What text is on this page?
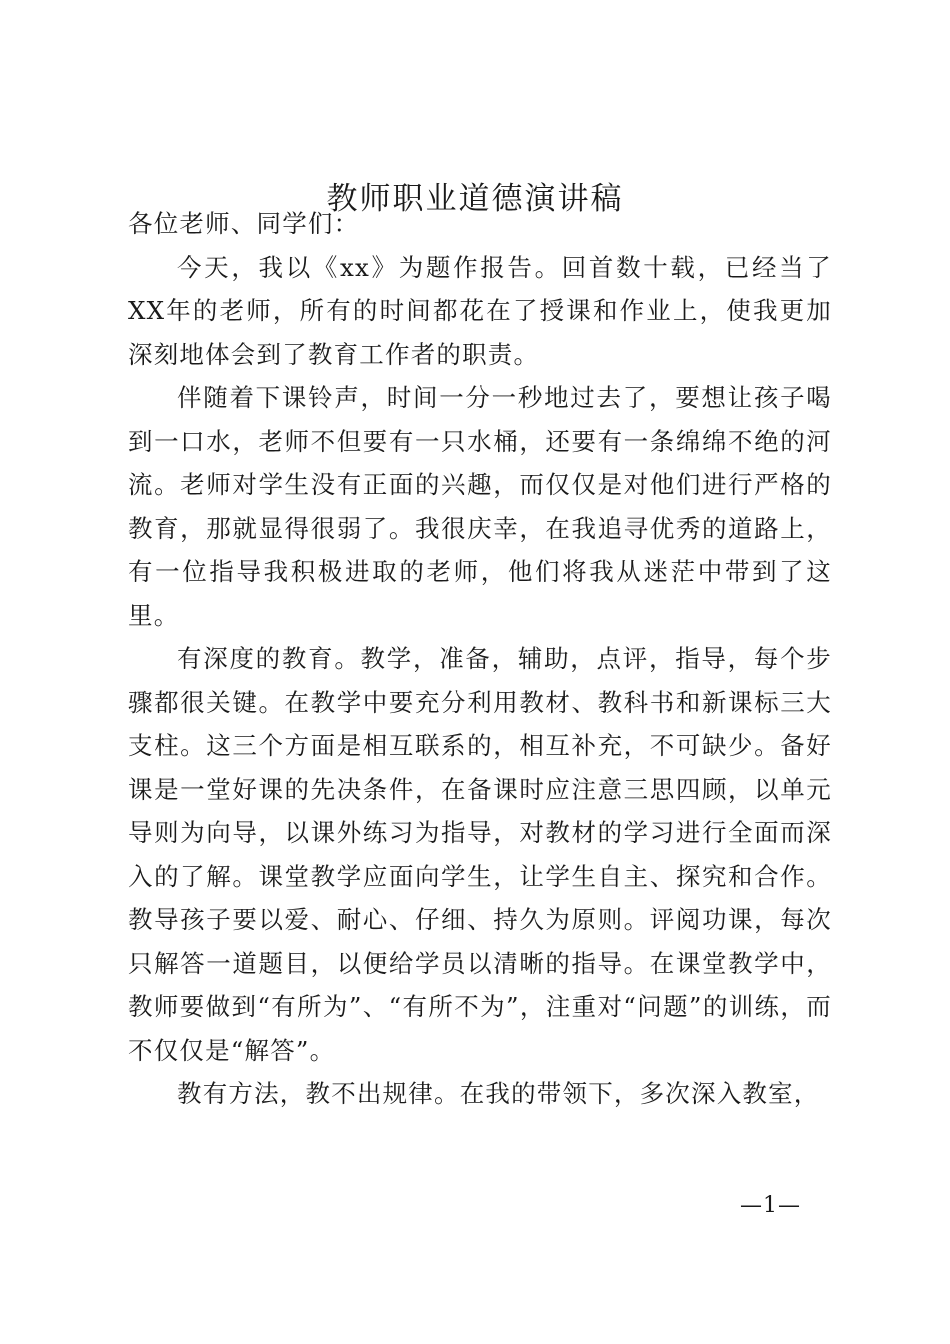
教师职业道德演讲稿

各位老师、同学们：

今天，我以《xx》为题作报告。回首数十载，已经当了XX年的老师，所有的时间都花在了授课和作业上，使我更加深刻地体会到了教育工作者的职责。

伴随着下课铃声，时间一分一秒地过去了，要想让孩子喝到一口水，老师不但要有一只水桶，还要有一条绵绵不绝的河流。老师对学生没有正面的兴趣，而仅仅是对他们进行严格的教育，那就显得很弱了。我很庆幸，在我追寻优秀的道路上，有一位指导我积极进取的老师，他们将我从迷茫中带到了这里。

有深度的教育。教学，准备，辅助，点评，指导，每个步骤都很关键。在教学中要充分利用教材、教科书和新课标三大支柱。这三个方面是相互联系的，相互补充，不可缺少。备好课是一堂好课的先决条件，在备课时应注意三思四顾，以单元导则为向导，以课外练习为指导，对教材的学习进行全面而深入的了解。课堂教学应面向学生，让学生自主、探究和合作。教导孩子要以爱、耐心、仔细、持久为原则。评阅功课，每次只解答一道题目，以便给学员以清晰的指导。在课堂教学中，教师要做到“有所为”、“有所不为”，注重对“问题”的训练，而不仅仅是“解答”。

教有方法，教不出规律。在我的带领下，多次深入教室，

—1—
